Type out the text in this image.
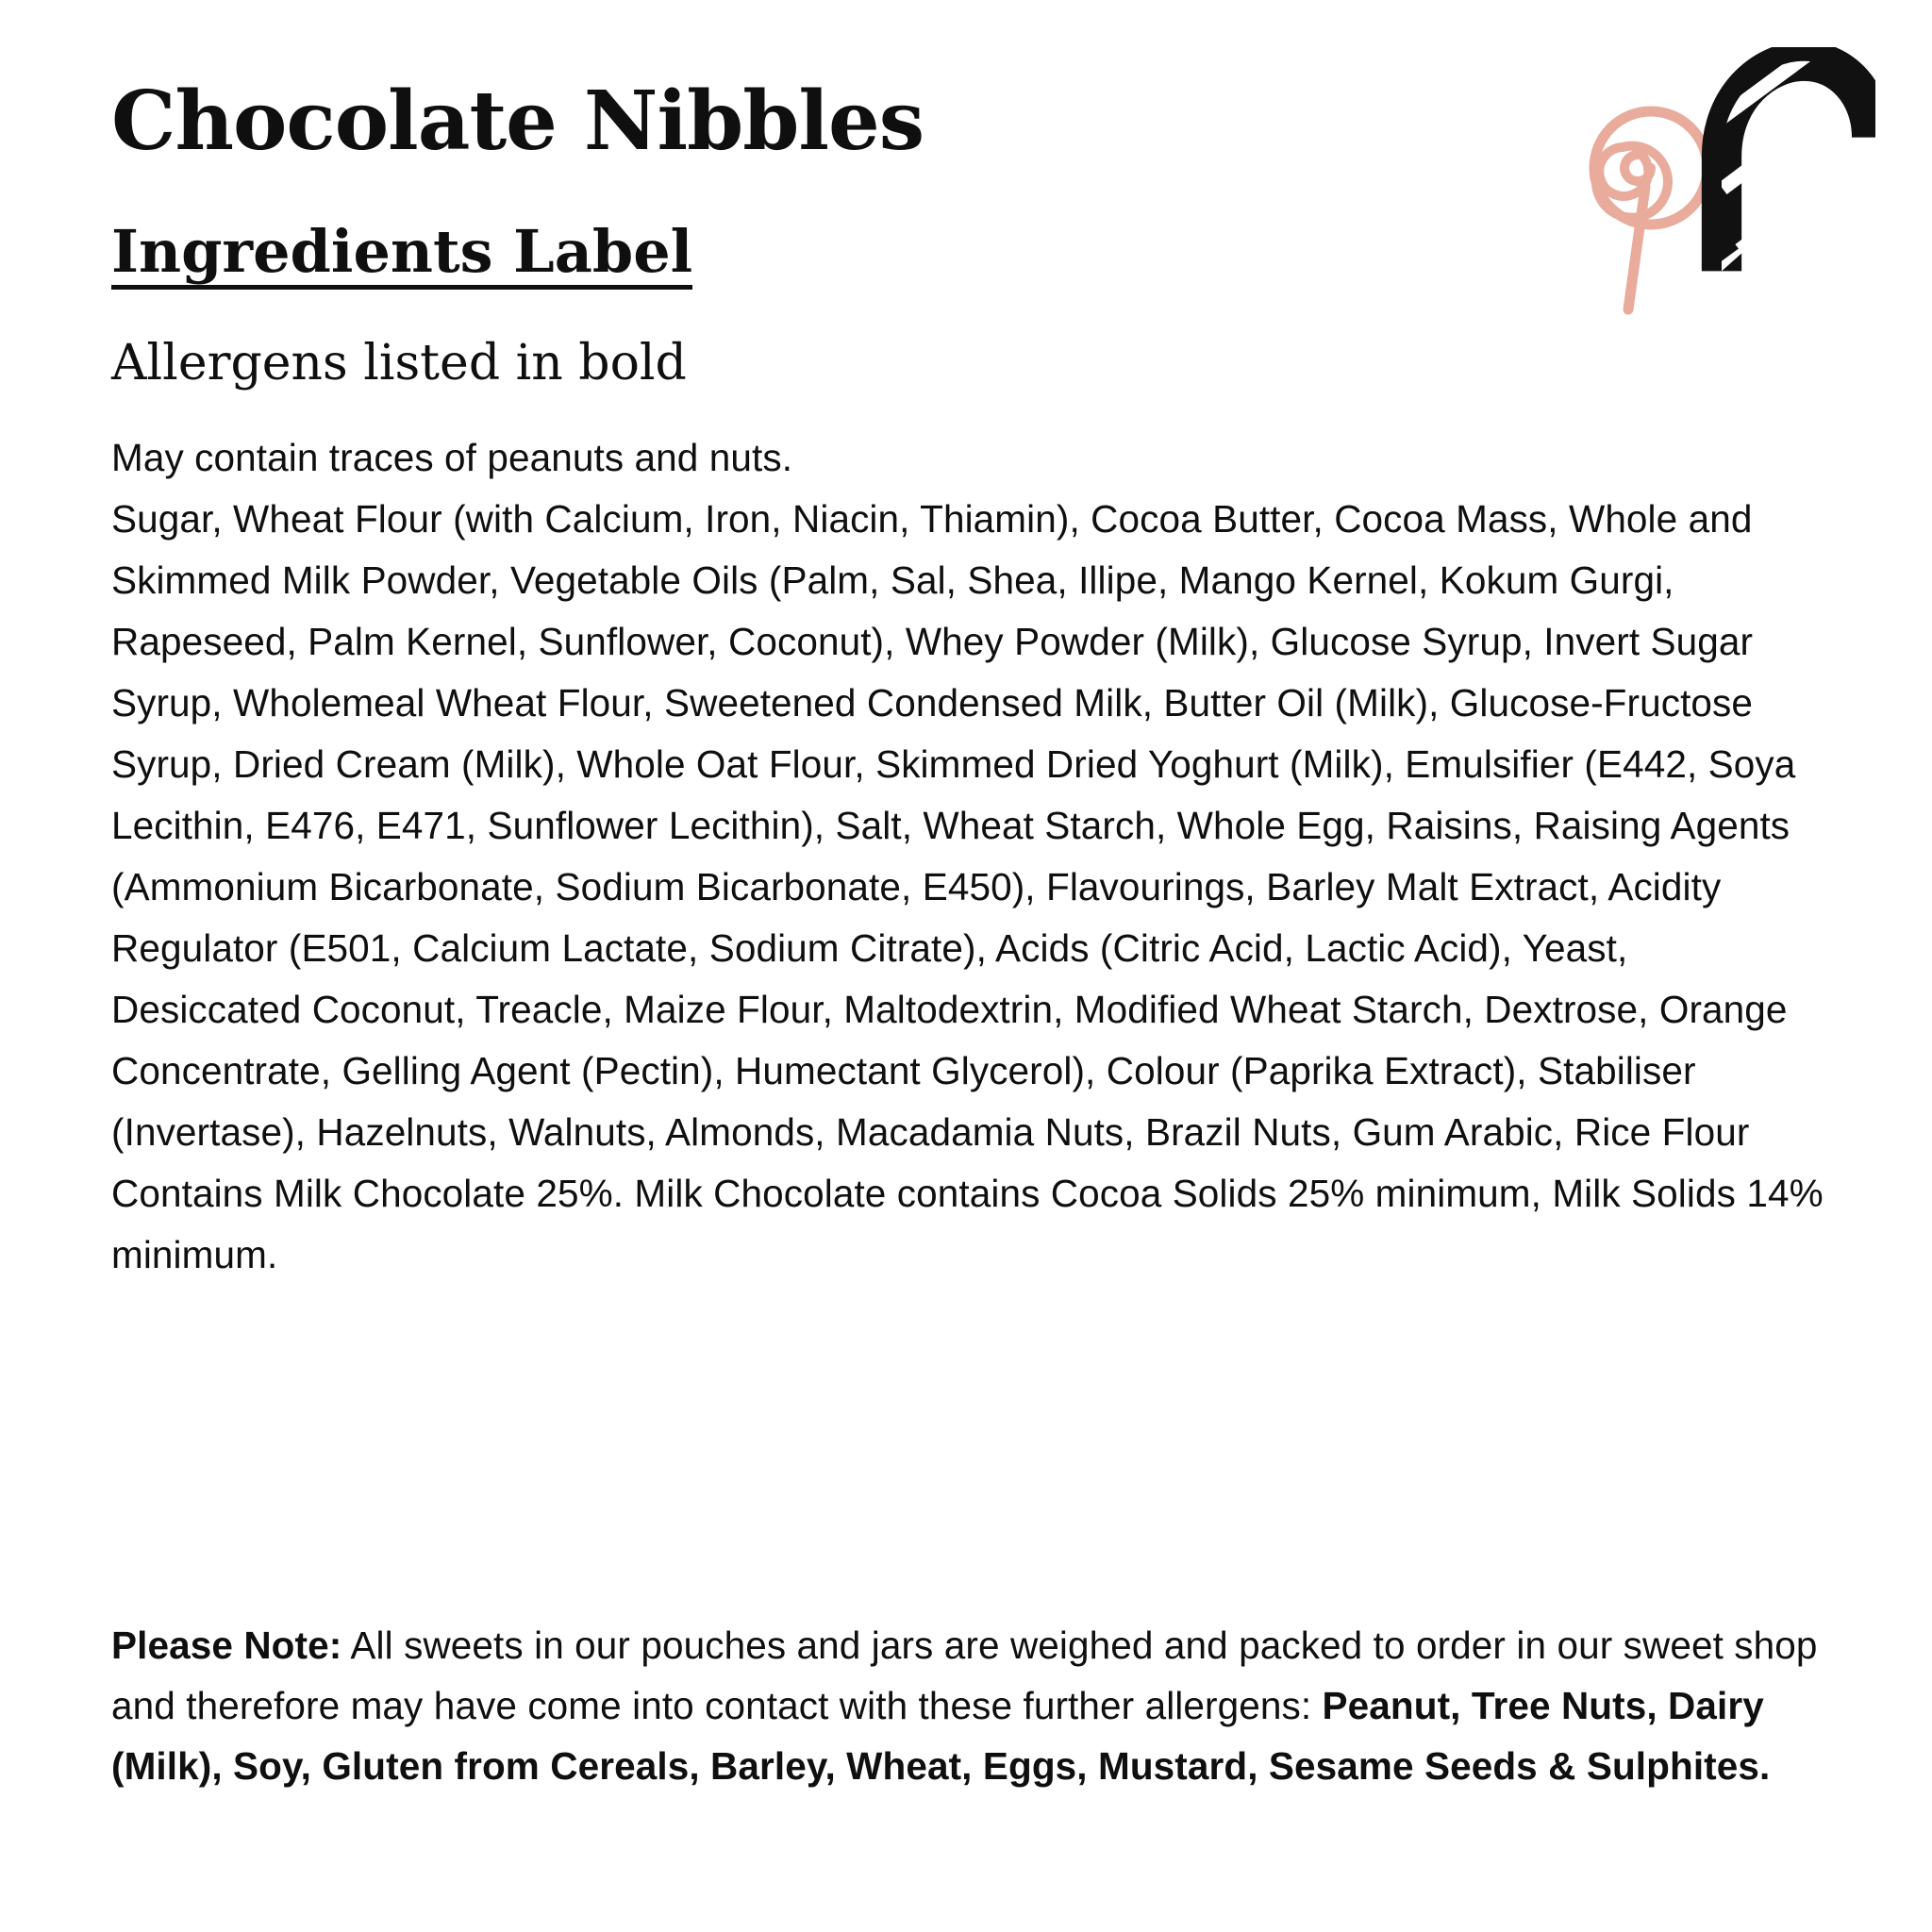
Chocolate Nibbles
Ingredients Label
Allergens listed in bold
May contain traces of peanuts and nuts.
Sugar, Wheat Flour (with Calcium, Iron, Niacin, Thiamin), Cocoa Butter, Cocoa Mass, Whole and Skimmed Milk Powder, Vegetable Oils (Palm, Sal, Shea, Illipe, Mango Kernel, Kokum Gurgi, Rapeseed, Palm Kernel, Sunflower, Coconut), Whey Powder (Milk), Glucose Syrup, Invert Sugar Syrup, Wholemeal Wheat Flour, Sweetened Condensed Milk, Butter Oil (Milk), Glucose-Fructose Syrup, Dried Cream (Milk), Whole Oat Flour, Skimmed Dried Yoghurt (Milk), Emulsifier (E442, Soya Lecithin, E476, E471, Sunflower Lecithin), Salt, Wheat Starch, Whole Egg, Raisins, Raising Agents (Ammonium Bicarbonate, Sodium Bicarbonate, E450), Flavourings, Barley Malt Extract, Acidity Regulator (E501, Calcium Lactate, Sodium Citrate), Acids (Citric Acid, Lactic Acid), Yeast, Desiccated Coconut, Treacle, Maize Flour, Maltodextrin, Modified Wheat Starch, Dextrose, Orange Concentrate, Gelling Agent (Pectin), Humectant Glycerol), Colour (Paprika Extract), Stabiliser (Invertase), Hazelnuts, Walnuts, Almonds, Macadamia Nuts, Brazil Nuts, Gum Arabic, Rice Flour
Contains Milk Chocolate 25%. Milk Chocolate contains Cocoa Solids 25% minimum, Milk Solids 14% minimum.
Please Note: All sweets in our pouches and jars are weighed and packed to order in our sweet shop and therefore may have come into contact with these further allergens: Peanut, Tree Nuts, Dairy (Milk), Soy, Gluten from Cereals, Barley, Wheat, Eggs, Mustard, Sesame Seeds & Sulphites.
